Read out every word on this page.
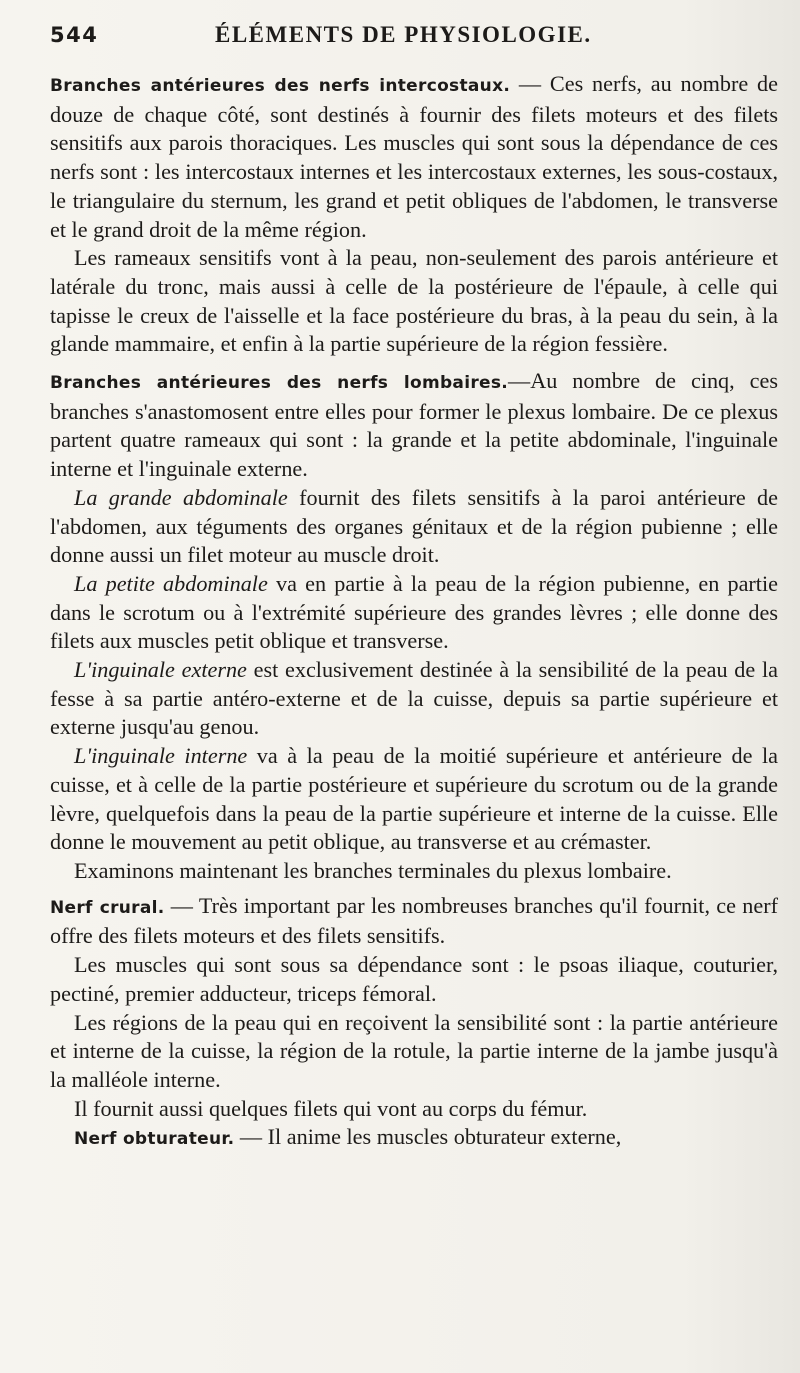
544	ÉLÉMENTS DE PHYSIOLOGIE.

Branches antérieures des nerfs intercostaux. — Ces nerfs, au nombre de douze de chaque côté, sont destinés à fournir des filets moteurs et des filets sensitifs aux parois thoraciques. Les muscles qui sont sous la dépendance de ces nerfs sont : les intercostaux internes et les intercostaux externes, les sous-costaux, le triangulaire du sternum, les grand et petit obliques de l'abdomen, le transverse et le grand droit de la même région.

Les rameaux sensitifs vont à la peau, non-seulement des parois antérieure et latérale du tronc, mais aussi à celle de la postérieure de l'épaule, à celle qui tapisse le creux de l'aisselle et la face postérieure du bras, à la peau du sein, à la glande mammaire, et enfin à la partie supérieure de la région fessière.

Branches antérieures des nerfs lombaires.—Au nombre de cinq, ces branches s'anastomosent entre elles pour former le plexus lombaire. De ce plexus partent quatre rameaux qui sont : la grande et la petite abdominale, l'inguinale interne et l'inguinale externe.

La grande abdominale fournit des filets sensitifs à la paroi antérieure de l'abdomen, aux téguments des organes génitaux et de la région pubienne ; elle donne aussi un filet moteur au muscle droit.

La petite abdominale va en partie à la peau de la région pubienne, en partie dans le scrotum ou à l'extrémité supérieure des grandes lèvres ; elle donne des filets aux muscles petit oblique et transverse.

L'inguinale externe est exclusivement destinée à la sensibilité de la peau de la fesse à sa partie antéro-externe et de la cuisse, depuis sa partie supérieure et externe jusqu'au genou.

L'inguinale interne va à la peau de la moitié supérieure et antérieure de la cuisse, et à celle de la partie postérieure et supérieure du scrotum ou de la grande lèvre, quelquefois dans la peau de la partie supérieure et interne de la cuisse. Elle donne le mouvement au petit oblique, au transverse et au crémaster.

Examinons maintenant les branches terminales du plexus lombaire.

Nerf crural. — Très important par les nombreuses branches qu'il fournit, ce nerf offre des filets moteurs et des filets sensitifs.

Les muscles qui sont sous sa dépendance sont : le psoas iliaque, couturier, pectiné, premier adducteur, triceps fémoral.

Les régions de la peau qui en reçoivent la sensibilité sont : la partie antérieure et interne de la cuisse, la région de la rotule, la partie interne de la jambe jusqu'à la malléole interne.

Il fournit aussi quelques filets qui vont au corps du fémur.

Nerf obturateur. — Il anime les muscles obturateur externe,
